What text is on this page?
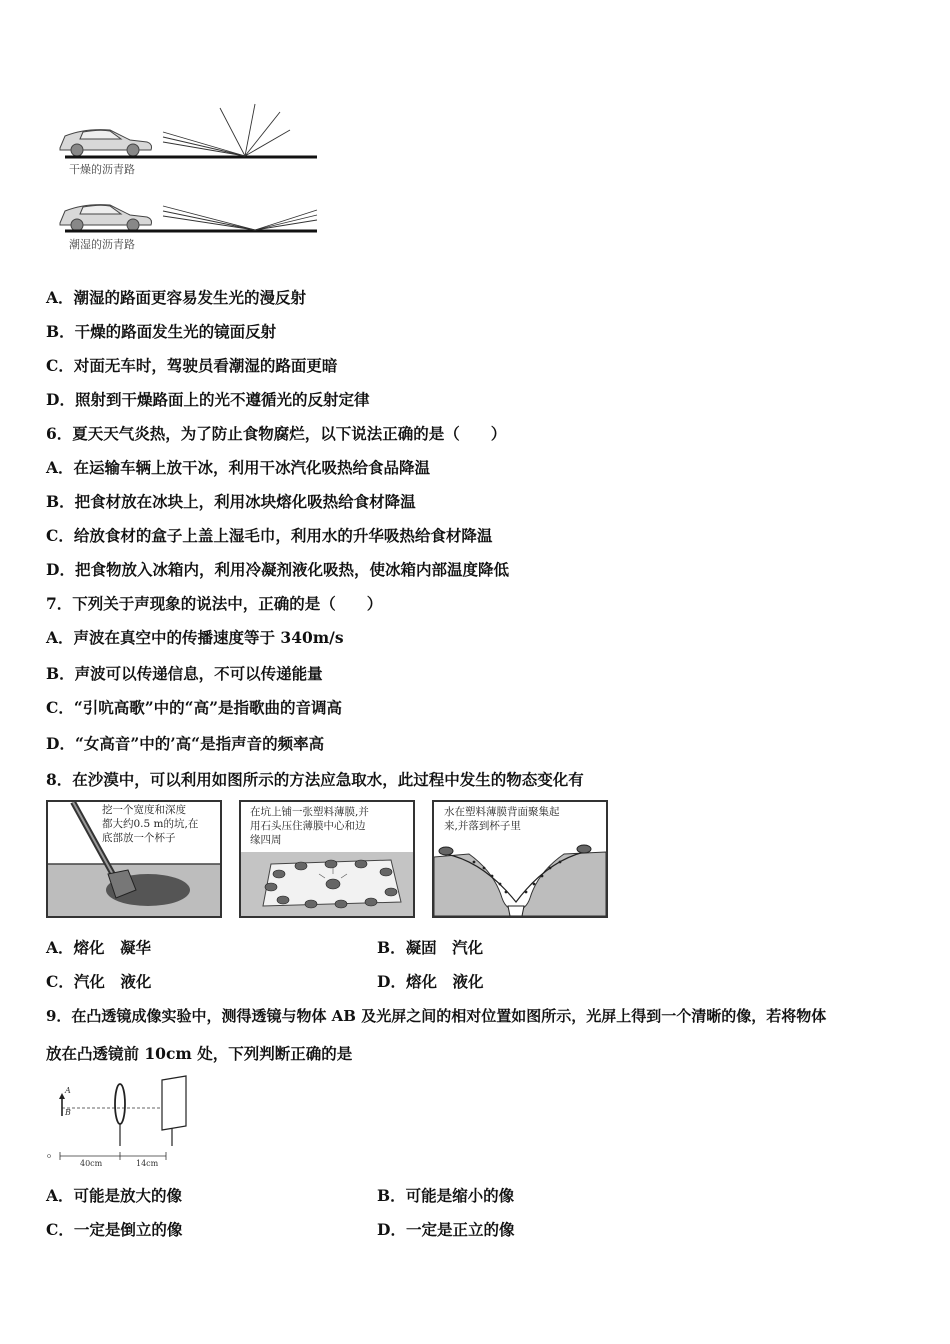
干燥的沥青路
潮湿的沥青路
A．潮湿的路面更容易发生光的漫反射
B．干燥的路面发生光的镜面反射
C．对面无车时，驾驶员看潮湿的路面更暗
D．照射到干燥路面上的光不遵循光的反射定律
6．夏天天气炎热，为了防止食物腐烂，以下说法正确的是（　　）
A．在运输车辆上放干冰，利用干冰汽化吸热给食品降温
B．把食材放在冰块上，利用冰块熔化吸热给食材降温
C．给放食材的盒子上盖上湿毛巾，利用水的升华吸热给食材降温
D．把食物放入冰箱内，利用冷凝剂液化吸热，使冰箱内部温度降低
7．下列关于声现象的说法中，正确的是（　　）
A．声波在真空中的传播速度等于 340m/s
B．声波可以传递信息，不可以传递能量
C．“引吭高歌”中的“高”是指歌曲的音调高
D．“女高音”中的’高“是指声音的频率高
8．在沙漠中，可以利用如图所示的方法应急取水，此过程中发生的物态变化有
挖一个宽度和深度
都大约0.5 m的坑,在
底部放一个杯子
在坑上铺一张塑料薄膜,并
用石头压住薄膜中心和边
缘四周
水在塑料薄膜背面聚集起
来,并落到杯子里
A．熔化　凝华	B．凝固　汽化
C．汽化　液化	D．熔化　液化
9．在凸透镜成像实验中，测得透镜与物体 AB 及光屏之间的相对位置如图所示，光屏上得到一个清晰的像，若将物体
放在凸透镜前 10cm 处，下列判断正确的是
A
B
40cm	14cm
A．可能是放大的像	B．可能是缩小的像
C．一定是倒立的像	D．一定是正立的像
